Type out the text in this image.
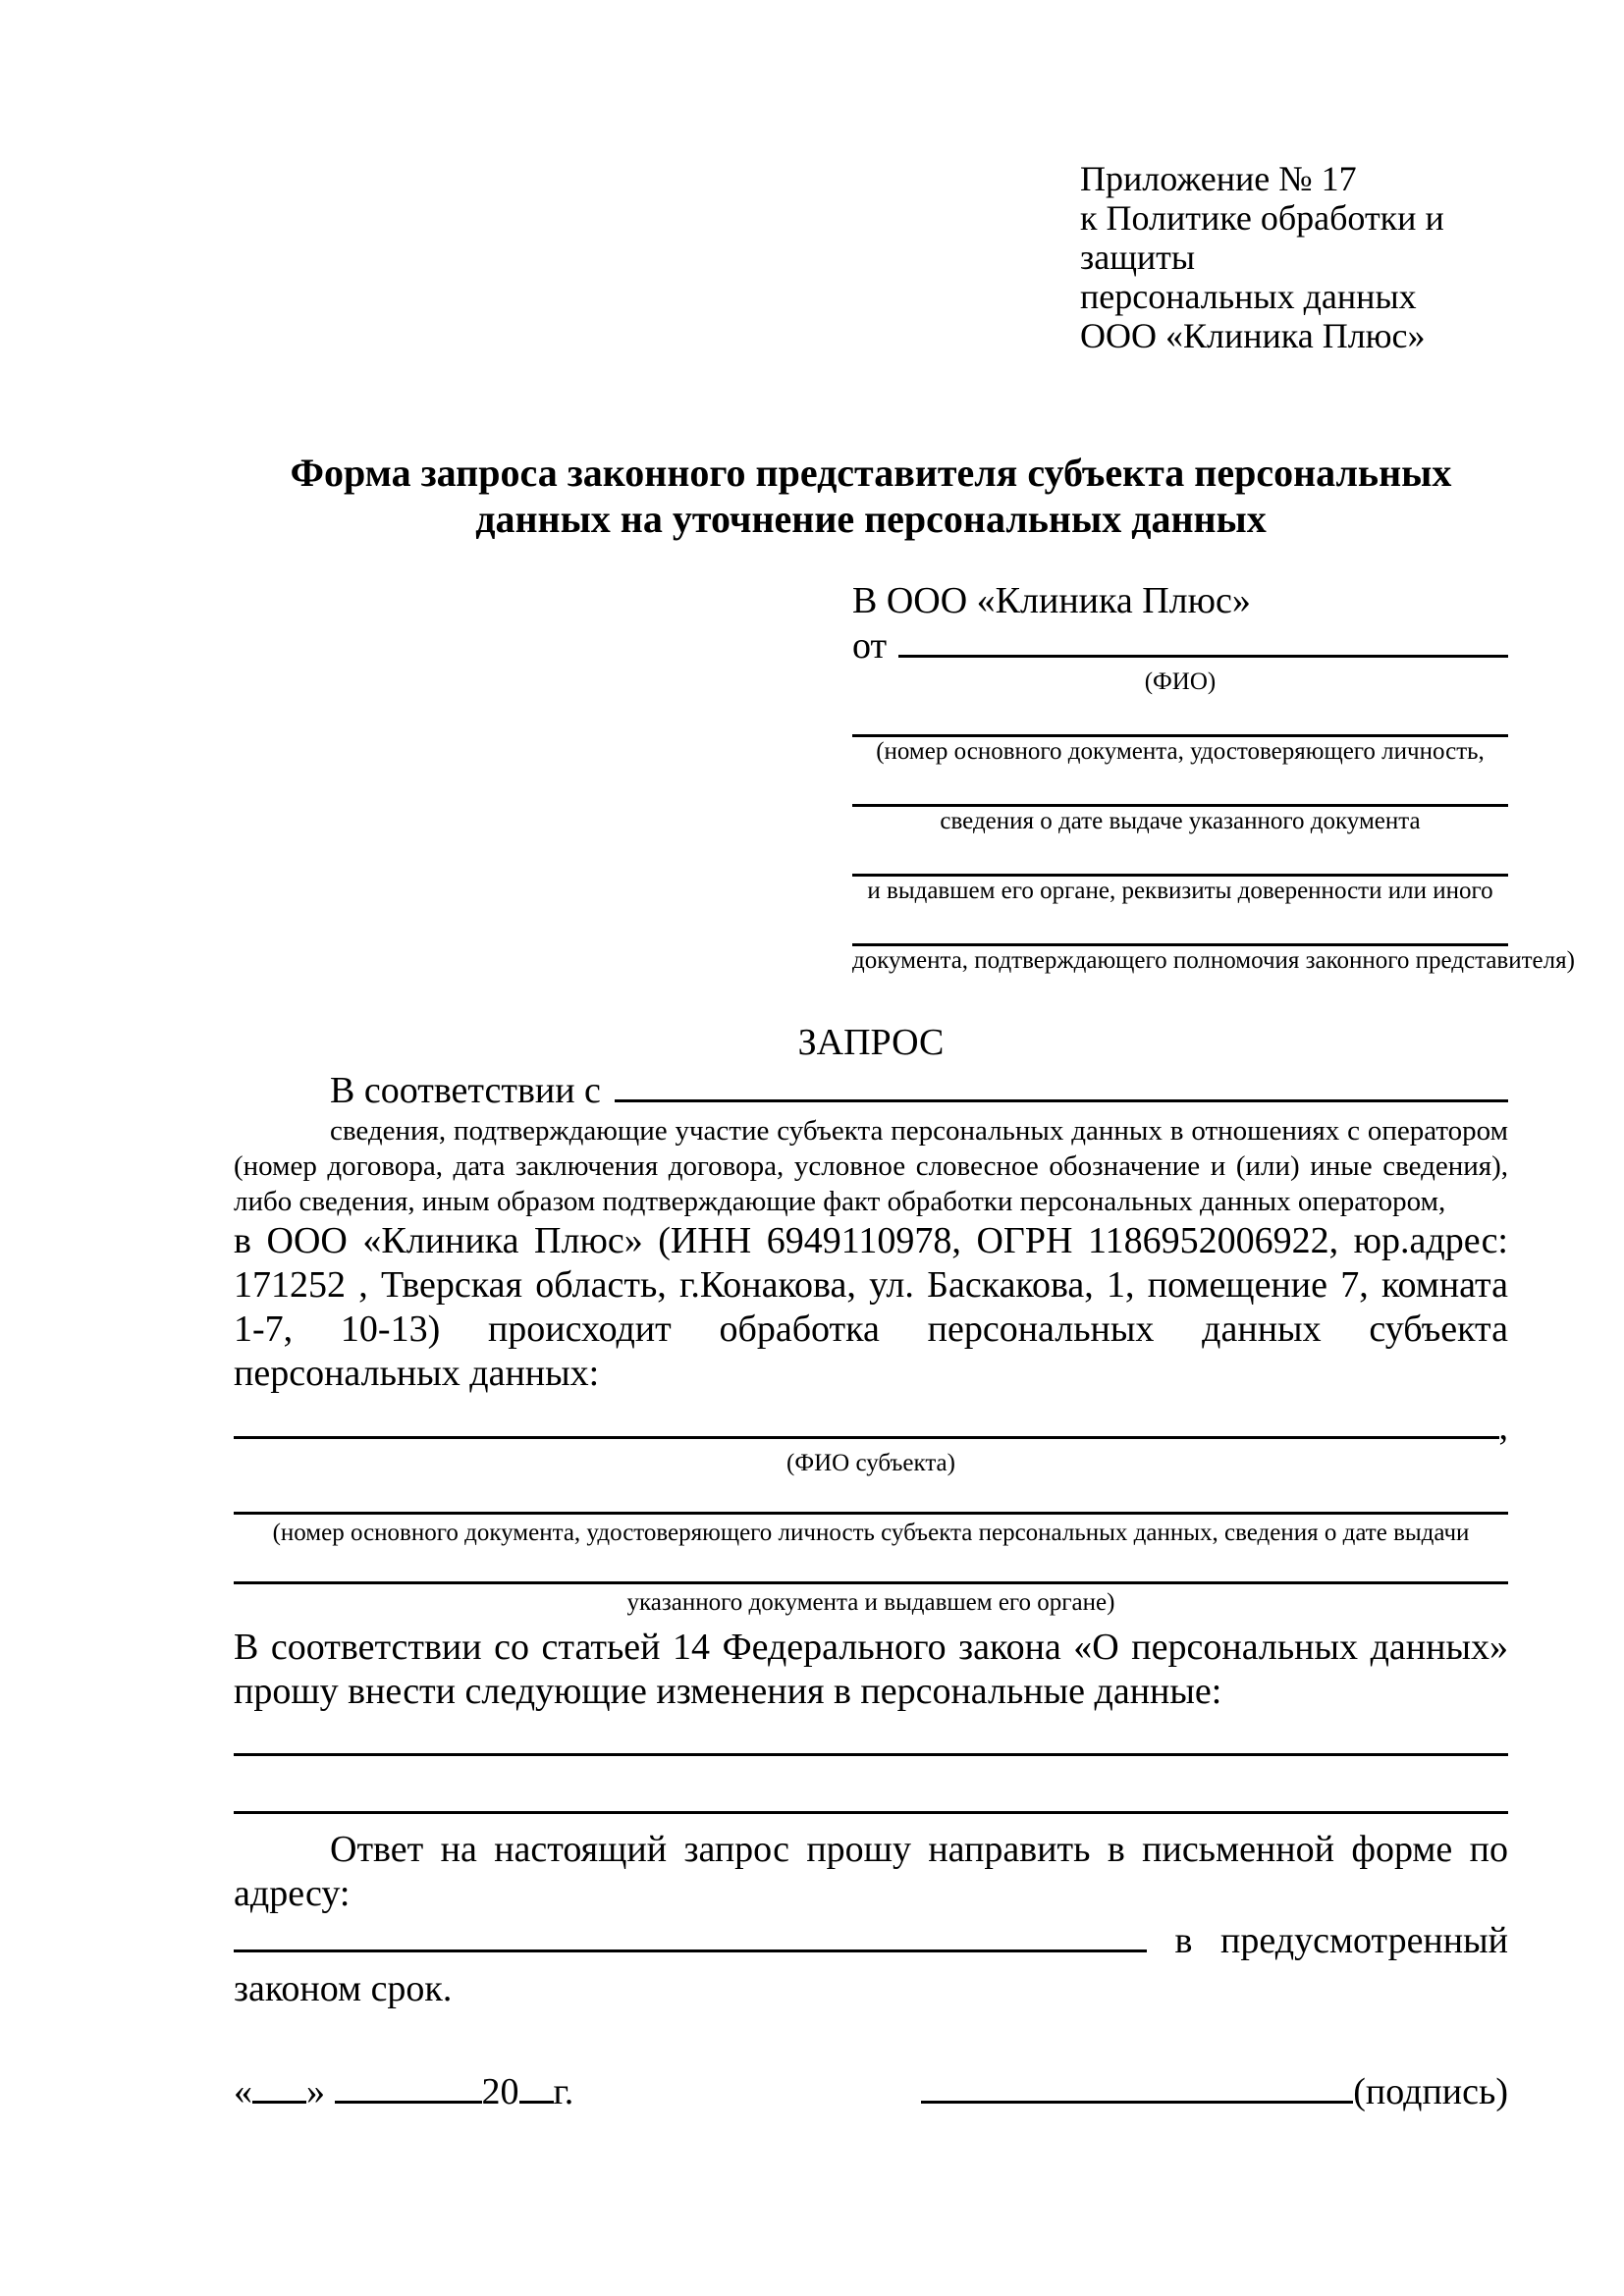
Приложение № 17
к Политике обработки и защиты
персональных данных
ООО «Клиника Плюс»
Форма запроса законного представителя субъекта персональных данных на уточнение персональных данных
В ООО «Клиника Плюс»
от
(ФИО)
(номер основного документа, удостоверяющего личность,
сведения о дате выдаче указанного документа
и выдавшем его органе, реквизиты доверенности или иного
документа, подтверждающего полномочия законного представителя)
ЗАПРОС
В соответствии с
сведения, подтверждающие участие субъекта персональных данных в отношениях с оператором (номер договора, дата заключения договора, условное словесное обозначение и (или) иные сведения), либо сведения, иным образом подтверждающие факт обработки персональных данных оператором,
в ООО «Клиника Плюс» (ИНН 6949110978, ОГРН 1186952006922, юр.адрес: 171252 , Тверская область, г.Конакова, ул. Баскакова, 1, помещение 7, комната 1-7, 10-13) происходит обработка персональных данных субъекта персональных данных:
,
(ФИО субъекта)
(номер основного документа, удостоверяющего личность субъекта персональных данных, сведения о дате выдачи
указанного документа и выдавшем его органе)
В соответствии со статьей 14 Федерального закона «О персональных данных» прошу внести следующие изменения в персональные данные:
Ответ на настоящий запрос прошу направить в письменной форме по адресу:
в предусмотренный
законом срок.
« »	20 г.	(подпись)
